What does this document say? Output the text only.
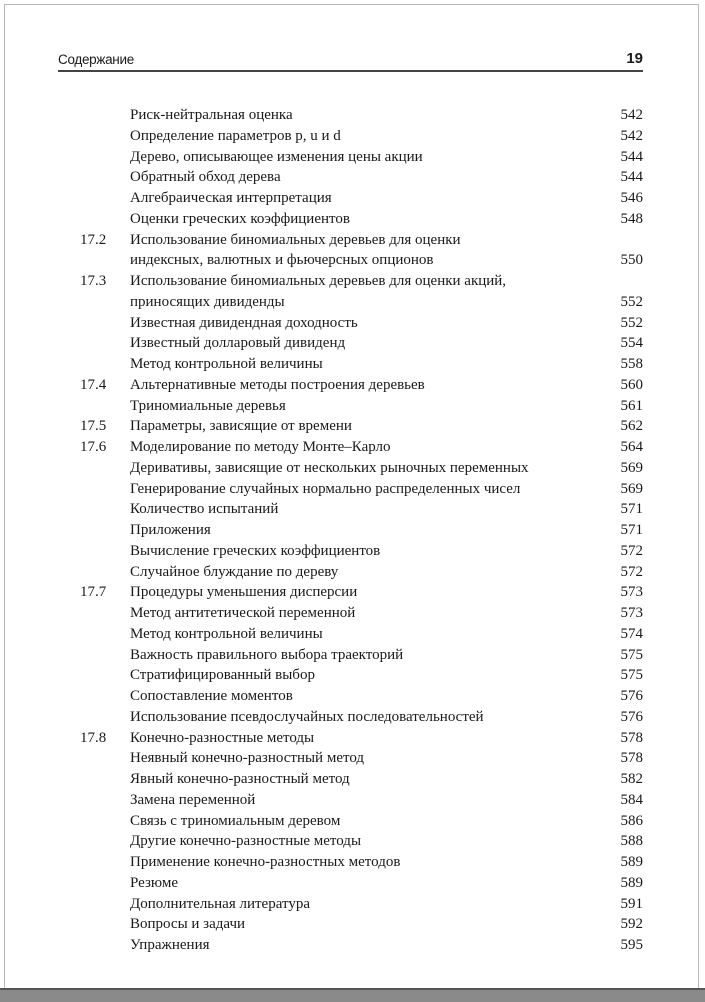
Содержание	19
Риск-нейтральная оценка	542
Определение параметров p, u и d	542
Дерево, описывающее изменения цены акции	544
Обратный обход дерева	544
Алгебраическая интерпретация	546
Оценки греческих коэффициентов	548
17.2 Использование биномиальных деревьев для оценки
индексных, валютных и фьючерсных опционов	550
17.3 Использование биномиальных деревьев для оценки акций,
приносящих дивиденды	552
Известная дивидендная доходность	552
Известный долларовый дивиденд	554
Метод контрольной величины	558
17.4 Альтернативные методы построения деревьев	560
Триномиальные деревья	561
17.5 Параметры, зависящие от времени	562
17.6 Моделирование по методу Монте–Карло	564
Деривативы, зависящие от нескольких рыночных переменных	569
Генерирование случайных нормально распределенных чисел	569
Количество испытаний	571
Приложения	571
Вычисление греческих коэффициентов	572
Случайное блуждание по дереву	572
17.7 Процедуры уменьшения дисперсии	573
Метод антитетической переменной	573
Метод контрольной величины	574
Важность правильного выбора траекторий	575
Стратифицированный выбор	575
Сопоставление моментов	576
Использование псевдослучайных последовательностей	576
17.8 Конечно-разностные методы	578
Неявный конечно-разностный метод	578
Явный конечно-разностный метод	582
Замена переменной	584
Связь с триномиальным деревом	586
Другие конечно-разностные методы	588
Применение конечно-разностных методов	589
Резюме	589
Дополнительная литература	591
Вопросы и задачи	592
Упражнения	595
